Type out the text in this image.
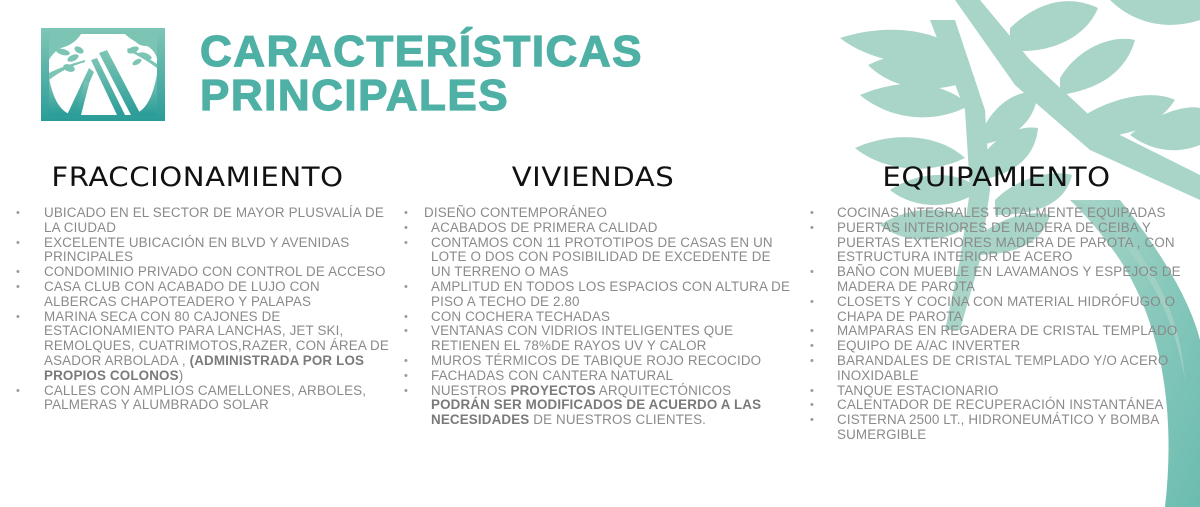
CARACTERÍSTICAS
PRINCIPALES
FRACCIONAMIENTO
• UBICADO EN EL SECTOR DE MAYOR PLUSVALÍA DE LA CIUDAD
• EXCELENTE UBICACIÓN EN BLVD Y AVENIDAS PRINCIPALES
• CONDOMINIO PRIVADO CON CONTROL DE ACCESO
• CASA CLUB CON ACABADO DE LUJO CON ALBERCAS CHAPOTEADERO Y PALAPAS
• MARINA SECA CON 80 CAJONES DE ESTACIONAMIENTO PARA LANCHAS, JET SKI, REMOLQUES, CUATRIMOTOS,RAZER, CON ÁREA DE ASADOR ARBOLADA , (ADMINISTRADA POR LOS PROPIOS COLONOS)
• CALLES CON AMPLIOS CAMELLONES, ARBOLES, PALMERAS Y ALUMBRADO SOLAR
VIVIENDAS
• DISEÑO CONTEMPORÁNEO
• ACABADOS DE PRIMERA CALIDAD
• CONTAMOS CON 11 PROTOTIPOS DE CASAS EN UN LOTE O DOS CON POSIBILIDAD DE EXCEDENTE DE UN TERRENO O MAS
• AMPLITUD EN TODOS LOS ESPACIOS CON ALTURA DE PISO A TECHO DE 2.80
• CON COCHERA TECHADAS
• VENTANAS CON VIDRIOS INTELIGENTES QUE RETIENEN EL 78%DE RAYOS UV Y CALOR
• MUROS TÉRMICOS DE TABIQUE ROJO RECOCIDO
• FACHADAS CON CANTERA NATURAL
• NUESTROS PROYECTOS ARQUITECTÓNICOS PODRÁN SER MODIFICADOS DE ACUERDO A LAS NECESIDADES DE NUESTROS CLIENTES.
EQUIPAMIENTO
• COCINAS INTEGRALES TOTALMENTE EQUIPADAS
• PUERTAS INTERIORES DE MADERA DE CEIBA Y PUERTAS EXTERIORES MADERA DE PAROTA , CON ESTRUCTURA INTERIOR DE ACERO
• BAÑO CON MUEBLE EN LAVAMANOS Y ESPEJOS DE MADERA DE PAROTA
• CLOSETS Y COCINA CON MATERIAL HIDRÓFUGO O CHAPA DE PAROTA
• MAMPARAS EN REGADERA DE CRISTAL TEMPLADO
• EQUIPO DE A/AC INVERTER
• BARANDALES DE CRISTAL TEMPLADO Y/O ACERO INOXIDABLE
• TANQUE ESTACIONARIO
• CALENTADOR DE RECUPERACIÓN INSTANTÁNEA
• CISTERNA 2500 LT., HIDRONEUMÁTICO Y BOMBA SUMERGIBLE
